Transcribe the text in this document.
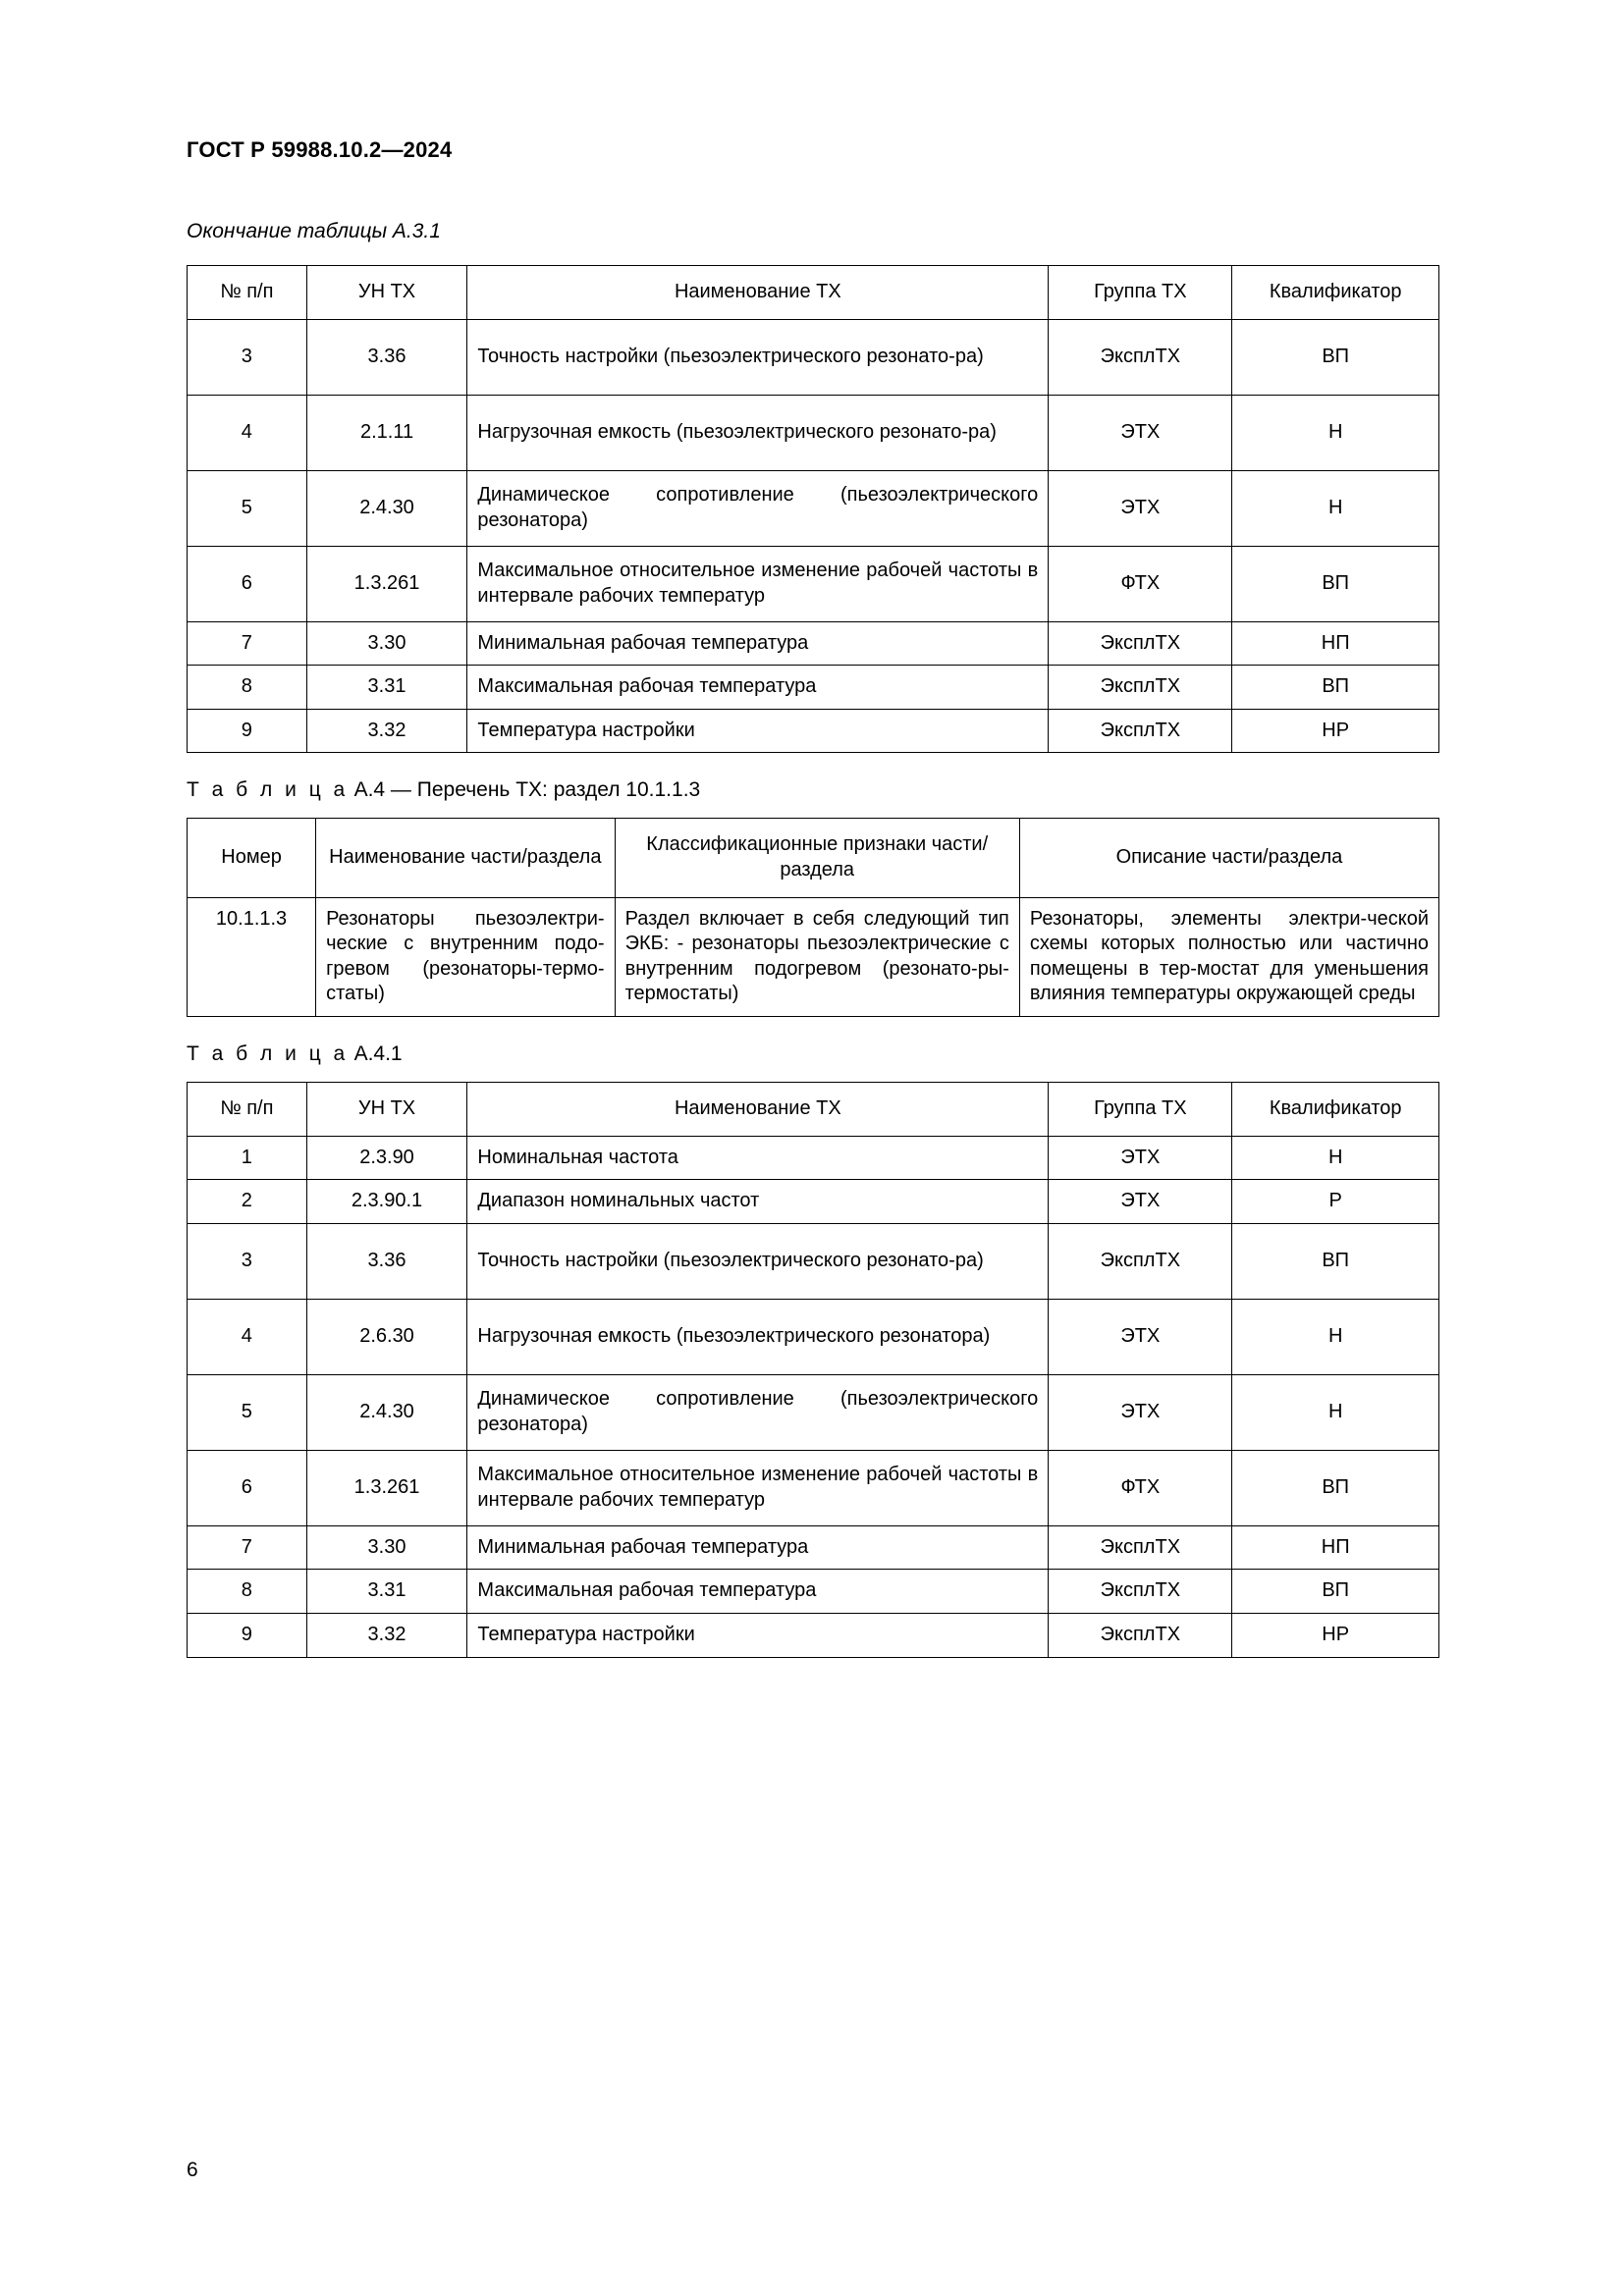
ГОСТ Р 59988.10.2—2024
Окончание таблицы А.3.1
№ п/п	УН ТХ	Наименование ТХ	Группа ТХ	Квалификатор
3	3.36	Точность настройки (пьезоэлектрического резонато-ра)	ЭксплТХ	ВП
4	2.1.11	Нагрузочная емкость (пьезоэлектрического резонато-ра)	ЭТХ	Н
5	2.4.30	Динамическое сопротивление (пьезоэлектрического резонатора)	ЭТХ	Н
6	1.3.261	Максимальное относительное изменение рабочей частоты в интервале рабочих температур	ФТХ	ВП
7	3.30	Минимальная рабочая температура	ЭксплТХ	НП
8	3.31	Максимальная рабочая температура	ЭксплТХ	ВП
9	3.32	Температура настройки	ЭксплТХ	НР
Т а б л и ц а А.4 — Перечень ТХ: раздел 10.1.1.3
Номер	Наименование части/раздела	Классификационные признаки части/раздела	Описание части/раздела
10.1.1.3	Резонаторы пьезоэлектри-ческие с внутренним подо-гревом (резонаторы-термо-статы)	Раздел включает в себя следующий тип ЭКБ: - резонаторы пьезоэлектрические с внутренним подогревом (резонато-ры-термостаты)	Резонаторы, элементы электри-ческой схемы которых полностью или частично помещены в тер-мостат для уменьшения влияния температуры окружающей среды
Т а б л и ц а А.4.1
№ п/п	УН ТХ	Наименование ТХ	Группа ТХ	Квалификатор
1	2.3.90	Номинальная частота	ЭТХ	Н
2	2.3.90.1	Диапазон номинальных частот	ЭТХ	Р
3	3.36	Точность настройки (пьезоэлектрического резонато-ра)	ЭксплТХ	ВП
4	2.6.30	Нагрузочная емкость (пьезоэлектрического резонатора)	ЭТХ	Н
5	2.4.30	Динамическое сопротивление (пьезоэлектрического резонатора)	ЭТХ	Н
6	1.3.261	Максимальное относительное изменение рабочей частоты в интервале рабочих температур	ФТХ	ВП
7	3.30	Минимальная рабочая температура	ЭксплТХ	НП
8	3.31	Максимальная рабочая температура	ЭксплТХ	ВП
9	3.32	Температура настройки	ЭксплТХ	НР
6
